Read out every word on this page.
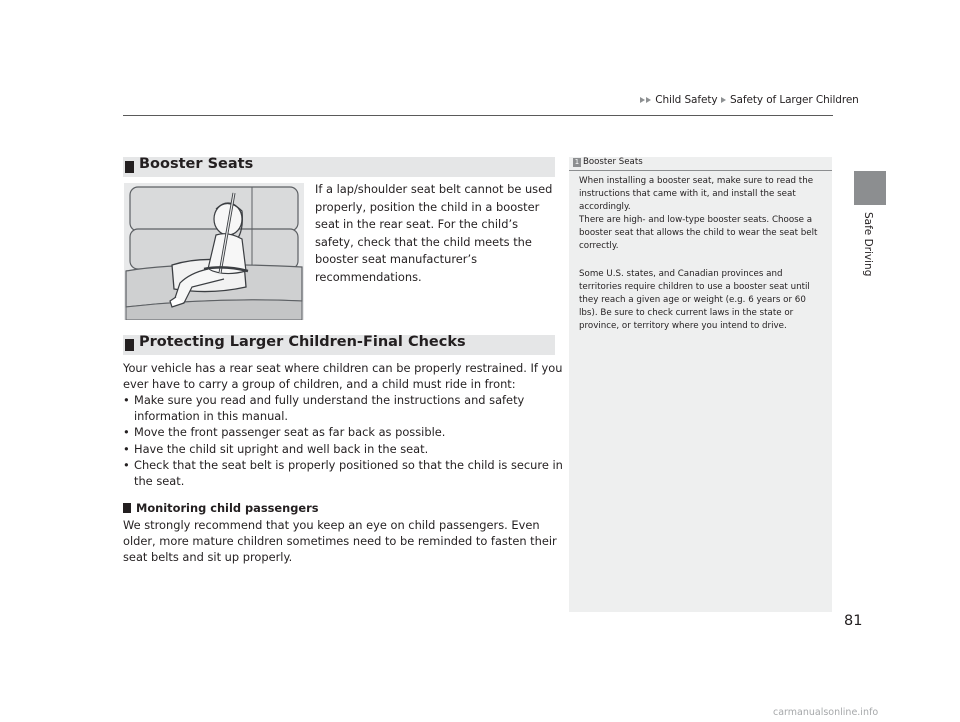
Child Safety Safety of Larger Children
Safe Driving
Booster Seats
If a lap/shoulder seat belt cannot be used properly, position the child in a booster seat in the rear seat. For the child’s safety, check that the child meets the booster seat manufacturer’s recommendations.
Protecting Larger Children-Final Checks
Your vehicle has a rear seat where children can be properly restrained. If you ever have to carry a group of children, and a child must ride in front:
• Make sure you read and fully understand the instructions and safety information in this manual.
• Move the front passenger seat as far back as possible.
• Have the child sit upright and well back in the seat.
• Check that the seat belt is properly positioned so that the child is secure in the seat.
Monitoring child passengers
We strongly recommend that you keep an eye on child passengers. Even older, more mature children sometimes need to be reminded to fasten their seat belts and sit up properly.
1 Booster Seats
When installing a booster seat, make sure to read the instructions that came with it, and install the seat accordingly.
There are high- and low-type booster seats. Choose a booster seat that allows the child to wear the seat belt correctly.
Some U.S. states, and Canadian provinces and territories require children to use a booster seat until they reach a given age or weight (e.g. 6 years or 60 lbs). Be sure to check current laws in the state or province, or territory where you intend to drive.
81
carmanualsonline.info
